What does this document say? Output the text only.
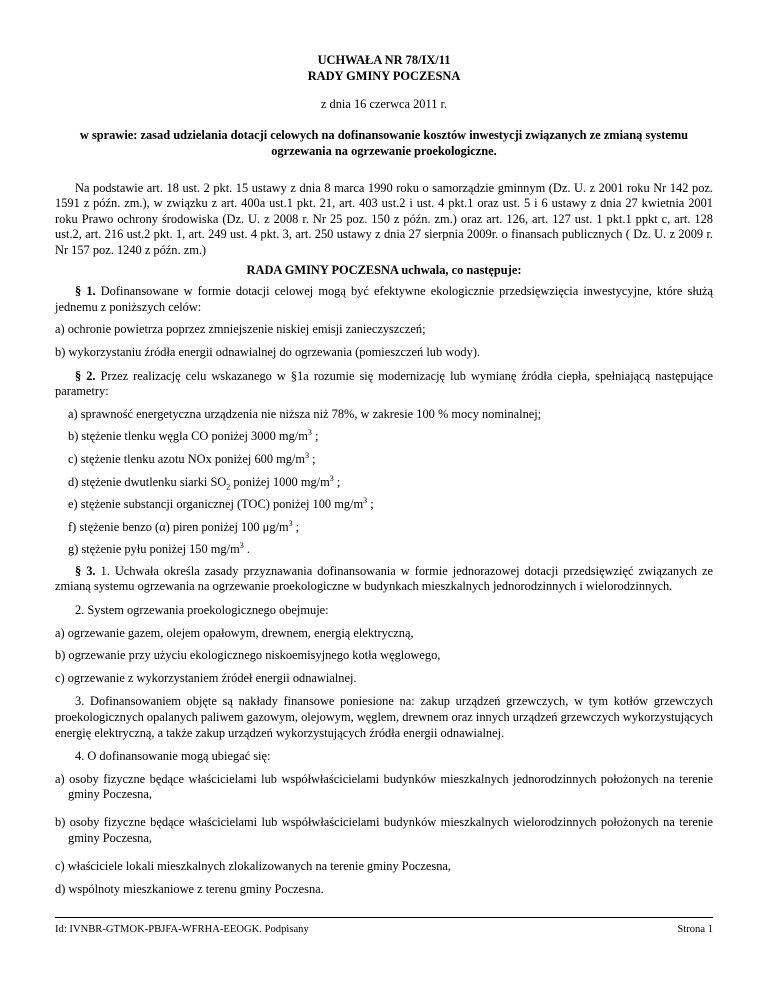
UCHWAŁA NR 78/IX/11
RADY GMINY POCZESNA
z dnia 16 czerwca 2011 r.
w sprawie: zasad udzielania dotacji celowych na dofinansowanie kosztów inwestycji związanych ze zmianą systemu ogrzewania na ogrzewanie proekologiczne.

Na podstawie art. 18 ust. 2 pkt. 15 ustawy z dnia 8 marca 1990 roku o samorządzie gminnym (Dz. U. z 2001 roku Nr 142 poz. 1591 z późn. zm.), w związku z art. 400a ust.1 pkt. 21, art. 403 ust.2 i ust. 4 pkt.1 oraz ust. 5 i 6 ustawy z dnia 27 kwietnia 2001 roku Prawo ochrony środowiska (Dz. U. z 2008 r. Nr 25 poz. 150 z późn. zm.) oraz art. 126, art. 127 ust. 1 pkt.1 ppkt c, art. 128 ust.2, art. 216 ust.2 pkt. 1, art. 249 ust. 4 pkt. 3, art. 250 ustawy z dnia 27 sierpnia 2009r. o finansach publicznych ( Dz. U. z 2009 r. Nr 157 poz. 1240 z późn. zm.)

RADA GMINY POCZESNA uchwala, co następuje:

§ 1. Dofinansowane w formie dotacji celowej mogą być efektywne ekologicznie przedsięwzięcia inwestycyjne, które służą jednemu z poniższych celów:

a) ochronie powietrza poprzez zmniejszenie niskiej emisji zanieczyszczeń;

b) wykorzystaniu źródła energii odnawialnej do ogrzewania (pomieszczeń lub wody).

§ 2. Przez realizację celu wskazanego w §1a rozumie się modernizację lub wymianę źródła ciepła, spełniającą następujące parametry:

a) sprawność energetyczna urządzenia nie niższa niż 78%, w zakresie 100 % mocy nominalnej;

b) stężenie tlenku węgla CO poniżej 3000 $mg/m^3$ ;

c) stężenie tlenku azotu NOx poniżej 600 $mg/m^3$ ;

d) stężenie dwutlenku siarki $SO_2$ poniżej 1000 $mg/m^3$ ;

e) stężenie substancji organicznej (TOC) poniżej 100 $mg/m^3$ ;

f) stężenie benzo (α) piren poniżej 100 $\mu g/m^3$ ;

g) stężenie pyłu poniżej 150 $mg/m^3$ .

§ 3. 1. Uchwała określa zasady przyznawania dofinansowania w formie jednorazowej dotacji przedsięwzięć związanych ze zmianą systemu ogrzewania na ogrzewanie proekologiczne w budynkach mieszkalnych jednorodzinnych i wielorodzinnych.

2. System ogrzewania proekologicznego obejmuje:

a) ogrzewanie gazem, olejem opałowym, drewnem, energią elektryczną,

b) ogrzewanie przy użyciu ekologicznego niskoemisyjnego kotła węglowego,

c) ogrzewanie z wykorzystaniem źródeł energii odnawialnej.

3. Dofinansowaniem objęte są nakłady finansowe poniesione na: zakup urządzeń grzewczych, w tym kotłów grzewczych proekologicznych opalanych paliwem gazowym, olejowym, węglem, drewnem oraz innych urządzeń grzewczych wykorzystujących energię elektryczną, a także zakup urządzeń wykorzystujących źródła energii odnawialnej.

4. O dofinansowanie mogą ubiegać się:

a) osoby fizyczne będące właścicielami lub współwłaścicielami budynków mieszkalnych jednorodzinnych położonych na terenie gminy Poczesna,

b) osoby fizyczne będące właścicielami lub współwłaścicielami budynków mieszkalnych wielorodzinnych położonych na terenie gminy Poczesna,

c) właściciele lokali mieszkalnych zlokalizowanych na terenie gminy Poczesna,

d) wspólnoty mieszkaniowe z terenu gminy Poczesna.

Id: IVNBR-GTMOK-PBJFA-WFRHA-EEOGK. Podpisany	Strona 1
